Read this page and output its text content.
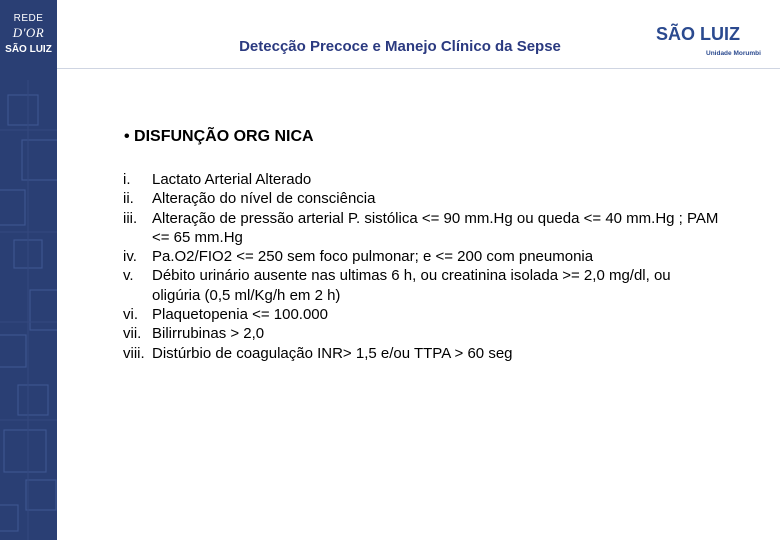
REDE D'OR
SÃO LUIZ	Detecção Precoce e Manejo Clínico da Sepse
SÃO LUIZ
Unidade Morumbi
• DISFUNÇÃO ORG NICA
i. Lactato Arterial Alterado
ii. Alteração do nível de consciência
iii. Alteração de pressão arterial P. sistólica <= 90 mm.Hg ou queda <= 40 mm.Hg ; PAM <= 65 mm.Hg
iv. Pa.O2/FIO2 <= 250 sem foco pulmonar; e <= 200 com pneumonia
v. Débito urinário ausente nas ultimas 6 h, ou creatinina isolada >= 2,0 mg/dl, ou oligúria (0,5 ml/Kg/h em 2 h)
vi. Plaquetopenia <= 100.000
vii. Bilirrubinas > 2,0
viii. Distúrbio de coagulação INR> 1,5 e/ou TTPA > 60 seg
